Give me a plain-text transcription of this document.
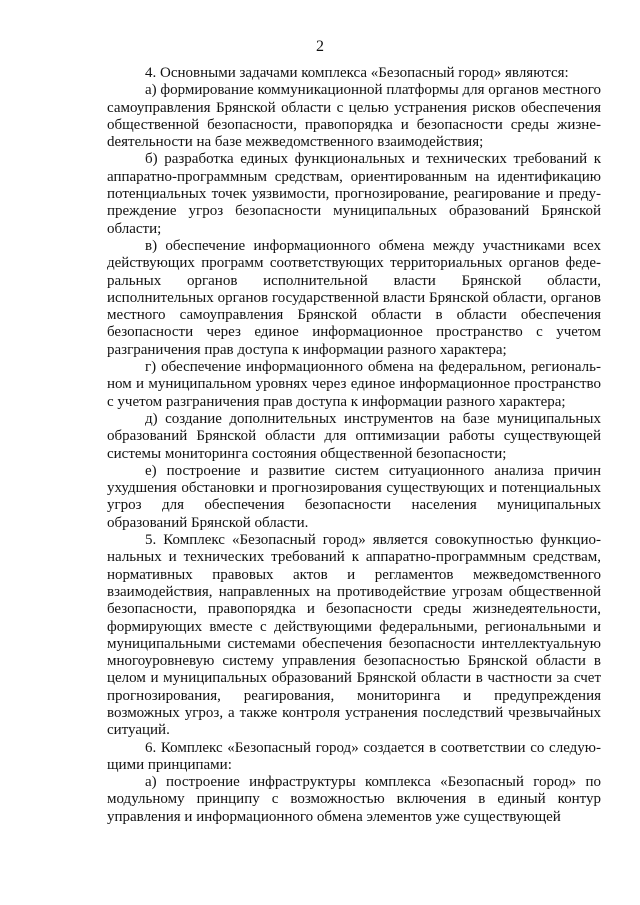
2

4. Основными задачами комплекса «Безопасный город» являются:

а) формирование коммуникационной платформы для органов местного самоуправления Брянской области с целью устранения рисков обеспечения общественной безопасности, правопорядка и безопасности среды жизнеdеятельности на базе межведомственного взаимодействия;

б) разработка единых функциональных и технических требований к аппаратно-программным средствам, ориентированным на идентификацию потенциальных точек уязвимости, прогнозирование, реагирование и предупреждение угроз безопасности муниципальных образований Брянской области;

в) обеспечение информационного обмена между участниками всех действующих программ соответствующих территориальных органов федеральных органов исполнительной власти Брянской области, исполнительных органов государственной власти Брянской области, органов местного самоуправления Брянской области в области обеспечения безопасности через единое информационное пространство с учетом разграничения прав доступа к информации разного характера;

г) обеспечение информационного обмена на федеральном, региональном и муниципальном уровнях через единое информационное пространство с учетом разграничения прав доступа к информации разного характера;

д) создание дополнительных инструментов на базе муниципальных образований Брянской области для оптимизации работы существующей системы мониторинга состояния общественной безопасности;

е) построение и развитие систем ситуационного анализа причин ухудшения обстановки и прогнозирования существующих и потенциальных угроз для обеспечения безопасности населения муниципальных образований Брянской области.

5. Комплекс «Безопасный город» является совокупностью функциональных и технических требований к аппаратно-программным средствам, нормативных правовых актов и регламентов межведомственного взаимодействия, направленных на противодействие угрозам общественной безопасности, правопорядка и безопасности среды жизнедеятельности, формирующих вместе с действующими федеральными, региональными и муниципальными системами обеспечения безопасности интеллектуальную многоуровневую систему управления безопасностью Брянской области в целом и муниципальных образований Брянской области в частности за счет прогнозирования, реагирования, мониторинга и предупреждения возможных угроз, а также контроля устранения последствий чрезвычайных ситуаций.

6. Комплекс «Безопасный город» создается в соответствии со следующими принципами:

а) построение инфраструктуры комплекса «Безопасный город» по модульному принципу с возможностью включения в единый контур управления и информационного обмена элементов уже существующей
